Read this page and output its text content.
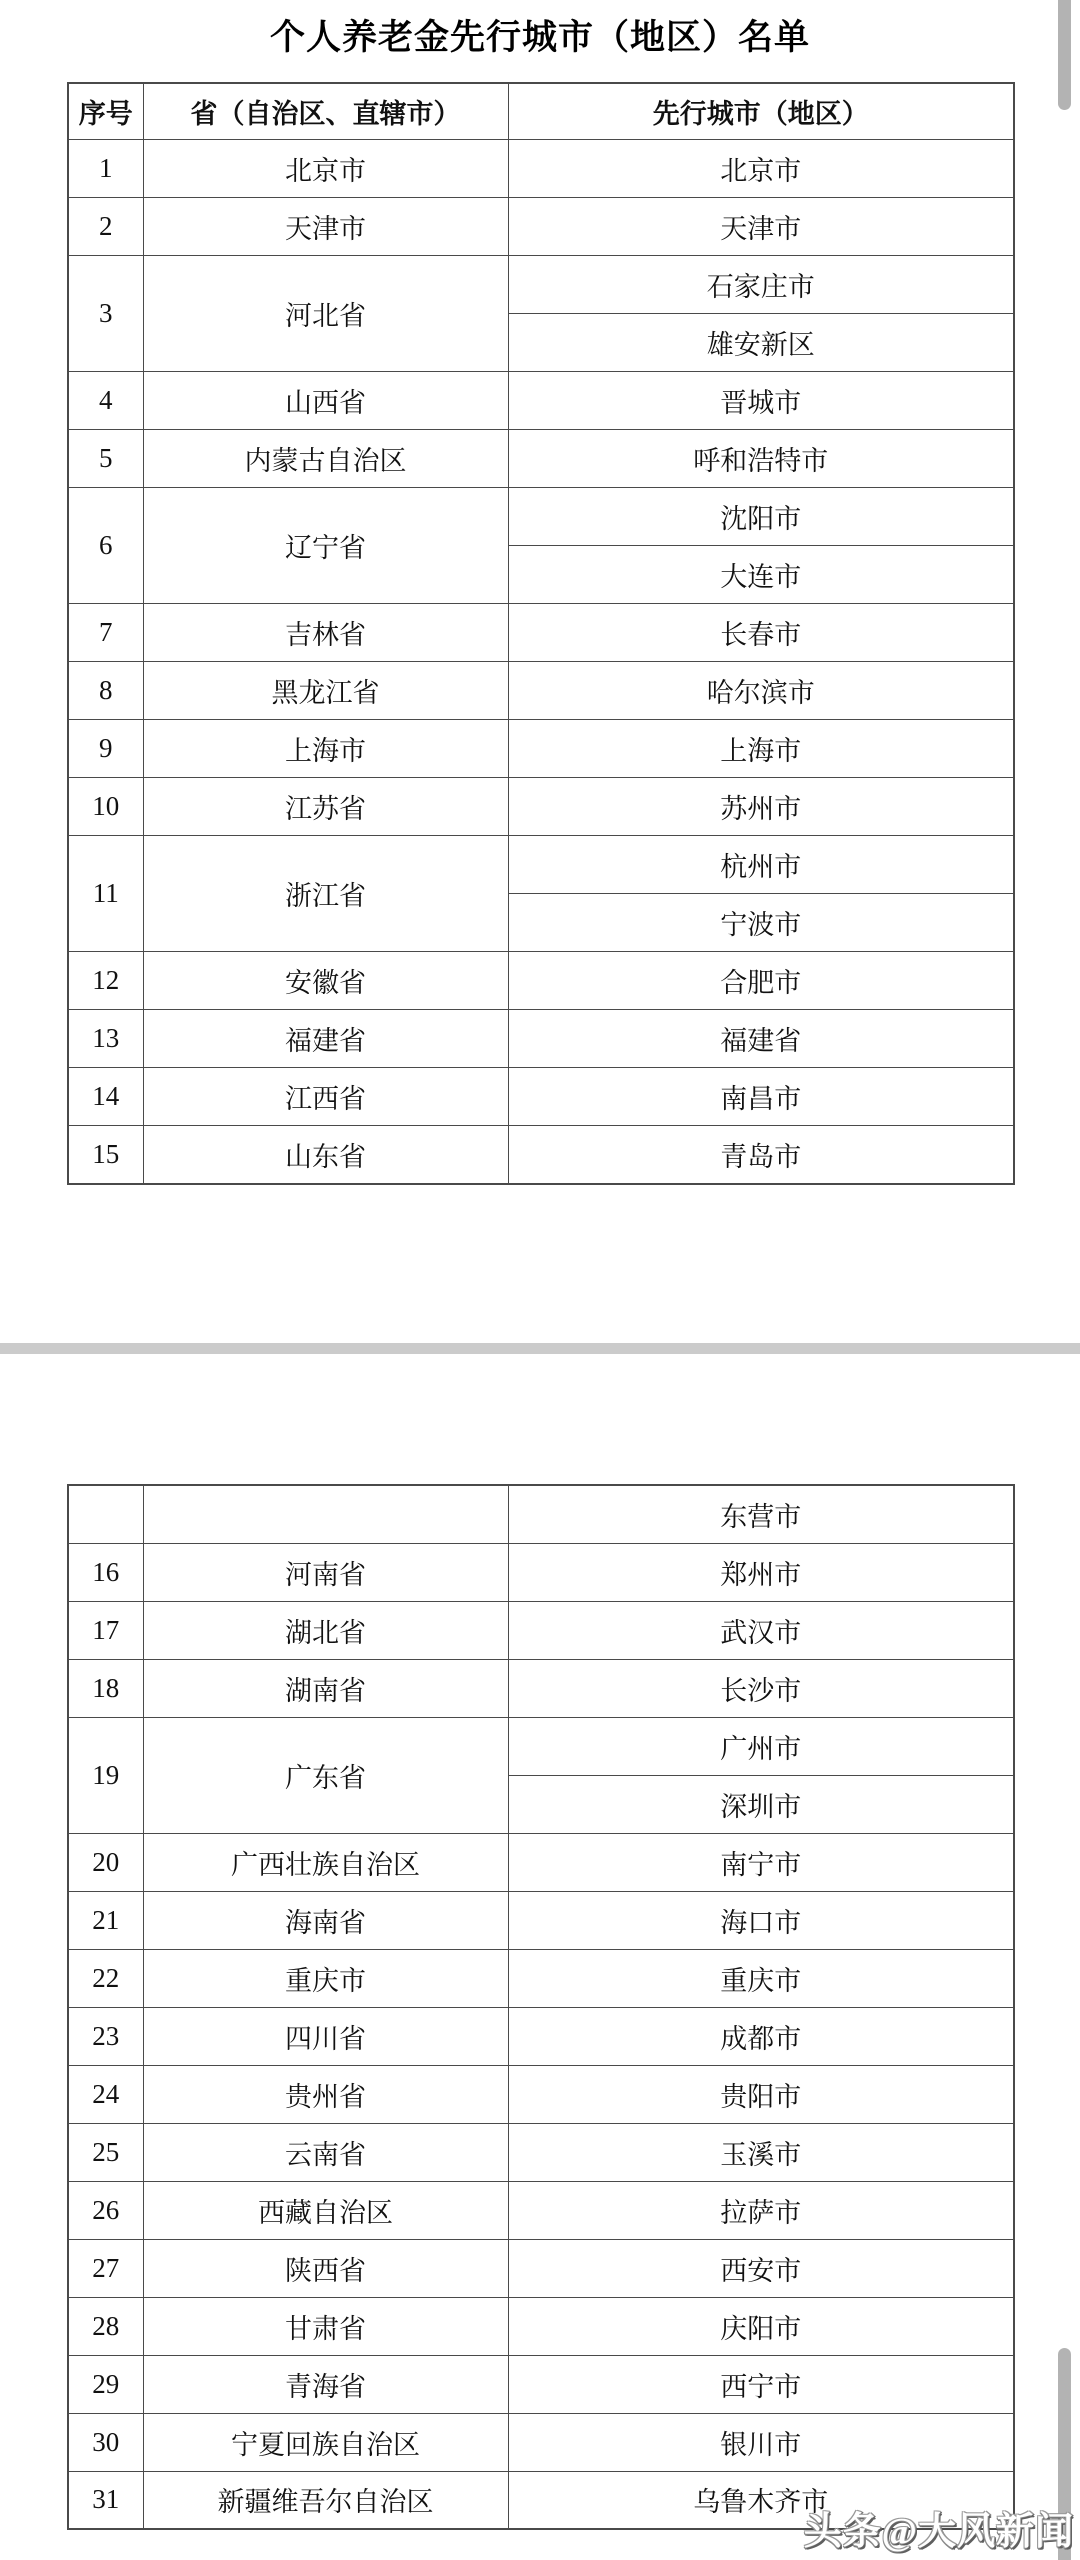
个人养老金先行城市（地区）名单
序号	省（自治区、直辖市）	先行城市（地区）
1	北京市	北京市
2	天津市	天津市
3	河北省	石家庄市
		雄安新区
4	山西省	晋城市
5	内蒙古自治区	呼和浩特市
6	辽宁省	沈阳市
		大连市
7	吉林省	长春市
8	黑龙江省	哈尔滨市
9	上海市	上海市
10	江苏省	苏州市
11	浙江省	杭州市
		宁波市
12	安徽省	合肥市
13	福建省	福建省
14	江西省	南昌市
15	山东省	青岛市
		东营市
16	河南省	郑州市
17	湖北省	武汉市
18	湖南省	长沙市
19	广东省	广州市
		深圳市
20	广西壮族自治区	南宁市
21	海南省	海口市
22	重庆市	重庆市
23	四川省	成都市
24	贵州省	贵阳市
25	云南省	玉溪市
26	西藏自治区	拉萨市
27	陕西省	西安市
28	甘肃省	庆阳市
29	青海省	西宁市
30	宁夏回族自治区	银川市
31	新疆维吾尔自治区	乌鲁木齐市
头条@大风新闻
